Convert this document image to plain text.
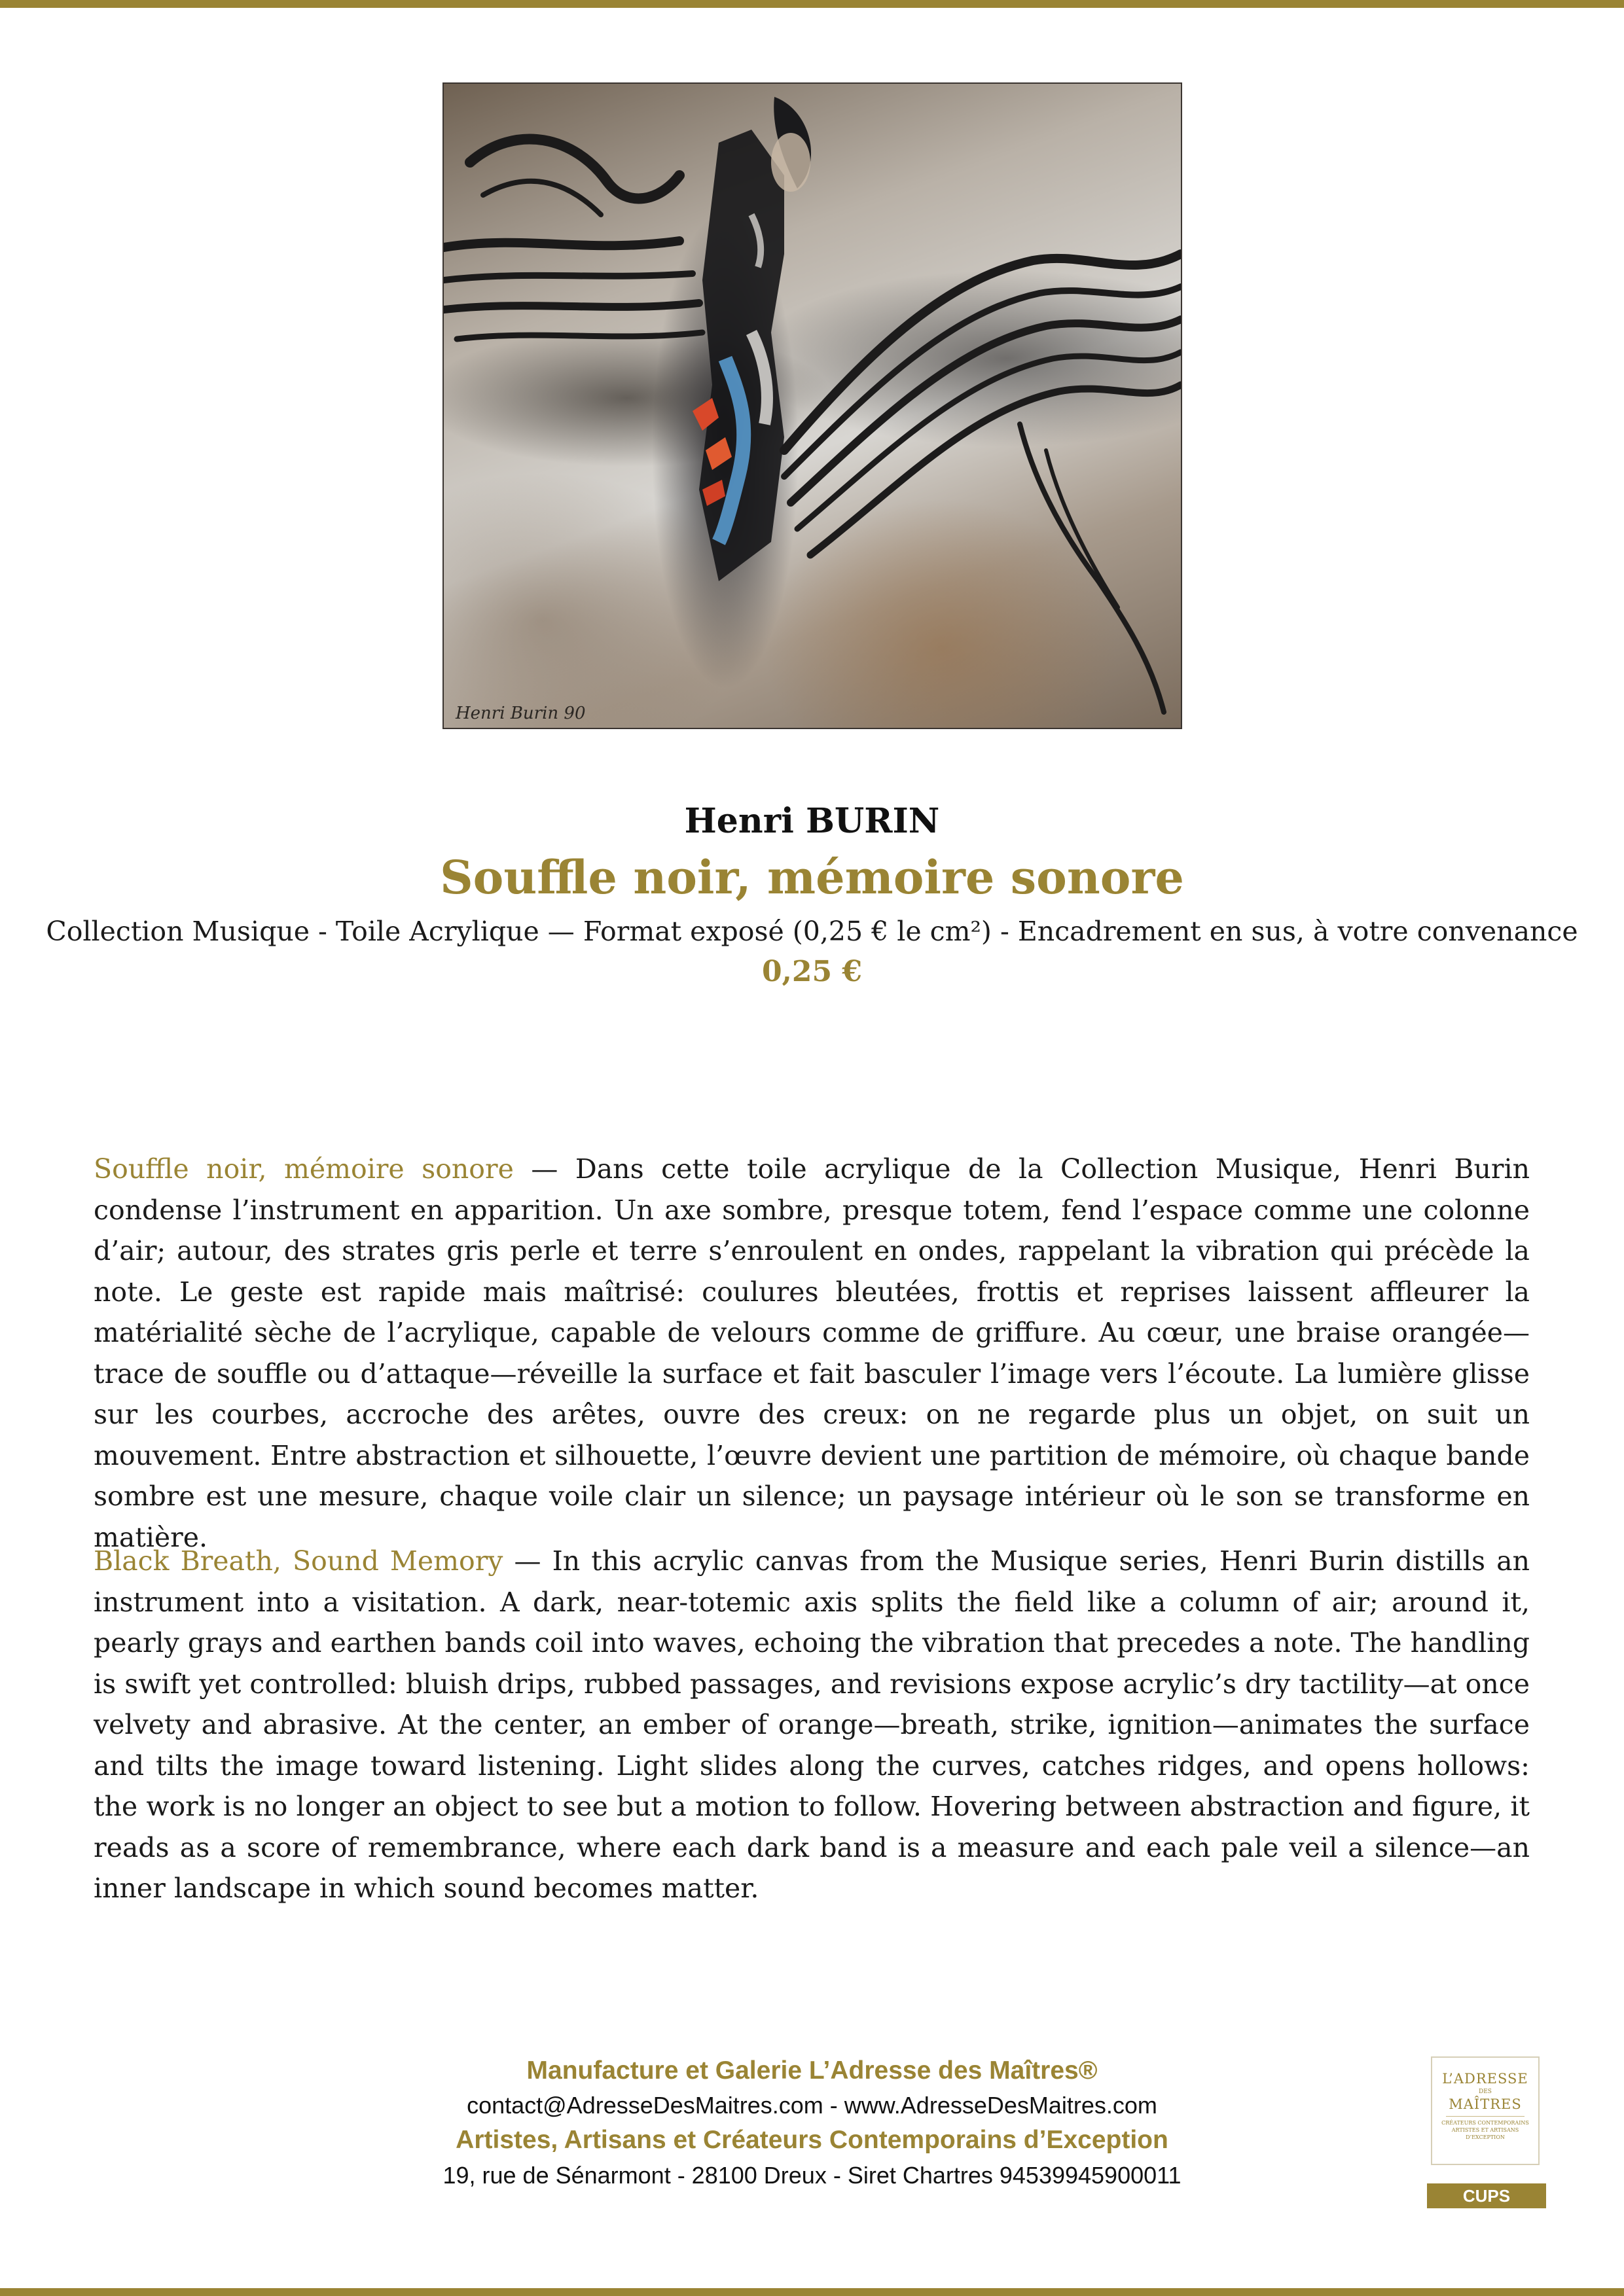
Henri Burin 90
Henri BURIN
Souffle noir, mémoire sonore
Collection Musique - Toile Acrylique — Format exposé (0,25 € le cm²) - Encadrement en sus, à votre convenance
0,25 €

Souffle noir, mémoire sonore — Dans cette toile acrylique de la Collection Musique, Henri Burin condense l’instrument en apparition. Un axe sombre, presque totem, fend l’espace comme une colonne d’air; autour, des strates gris perle et terre s’enroulent en ondes, rappelant la vibration qui précède la note. Le geste est rapide mais maîtrisé: coulures bleutées, frottis et reprises laissent affleurer la matérialité sèche de l’acrylique, capable de velours comme de griffure. Au cœur, une braise orangée—trace de souffle ou d’attaque—réveille la surface et fait basculer l’image vers l’écoute. La lumière glisse sur les courbes, accroche des arêtes, ouvre des creux: on ne regarde plus un objet, on suit un mouvement. Entre abstraction et silhouette, l’œuvre devient une partition de mémoire, où chaque bande sombre est une mesure, chaque voile clair un silence; un paysage intérieur où le son se transforme en matière.

Black Breath, Sound Memory — In this acrylic canvas from the Musique series, Henri Burin distills an instrument into a visitation. A dark, near-totemic axis splits the field like a column of air; around it, pearly grays and earthen bands coil into waves, echoing the vibration that precedes a note. The handling is swift yet controlled: bluish drips, rubbed passages, and revisions expose acrylic’s dry tactility—at once velvety and abrasive. At the center, an ember of orange—breath, strike, ignition—animates the surface and tilts the image toward listening. Light slides along the curves, catches ridges, and opens hollows: the work is no longer an object to see but a motion to follow. Hovering between abstraction and figure, it reads as a score of remembrance, where each dark band is a measure and each pale veil a silence—an inner landscape in which sound becomes matter.

Manufacture et Galerie L’Adresse des Maîtres®
contact@AdresseDesMaitres.com - www.AdresseDesMaitres.com
Artistes, Artisans et Créateurs Contemporains d’Exception
19, rue de Sénarmont - 28100 Dreux - Siret Chartres 94539945900011
L’ADRESSE
DES
MAÎTRES
CRÉATEURS CONTEMPORAINS ARTISTES ET ARTISANS D’EXCEPTION
CUPS
